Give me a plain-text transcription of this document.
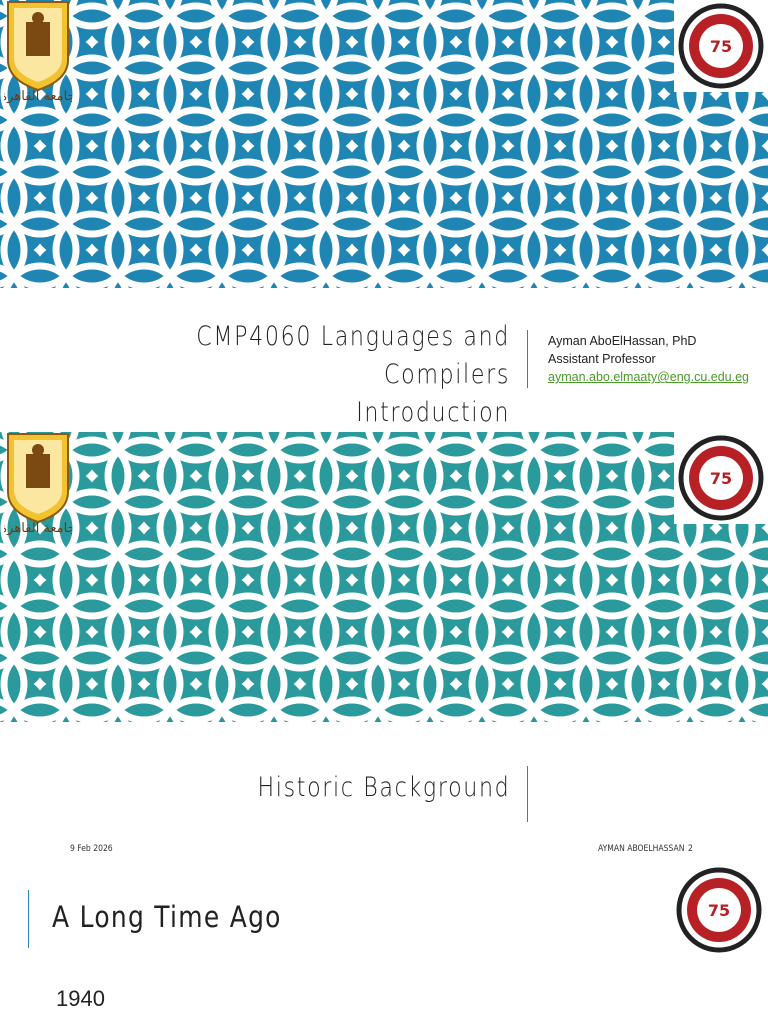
جامعة القاهرة
75
CMP4060 Languages and Compilers
Introduction
Ayman AboElHassan, PhD
Assistant Professor
ayman.abo.elmaaty@eng.cu.edu.eg
جامعة القاهرة
75
Historic Background
9 Feb 2026	AYMAN ABOELHASSAN 2
A Long Time Ago	75
1940
